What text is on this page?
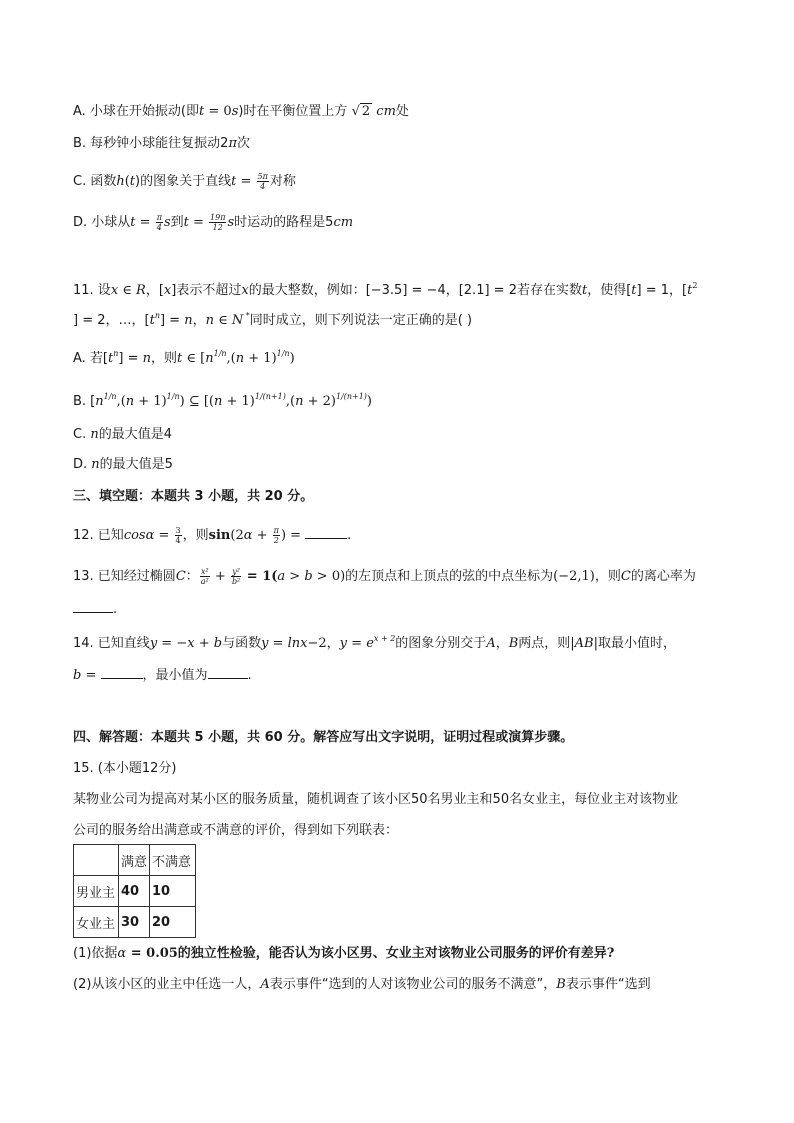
A. 小球在开始振动(即t = 0s)时在平衡位置上方 √ 2 cm处
B. 每秒钟小球能往复振动2π次
C. 函数h(t)的图象关于直线$t = \frac{5\pi}{4}$ 对称
D. 小球从$t = \frac{\pi}{4}$ s到$t = \frac{19\pi}{12}$ s时运动的路程是5cm
11. 设x ∈ R，[x]表示不超过x的最大整数，例如：[−3.5] = −4，[2.1] = 2若存在实数t，使得[t] = 1，[$t^2$
] = 2，…，$[t^n] = n$，n ∈ N *同时成立，则下列说法一定正确的是( )
A. 若$[t^n] = n$，则t ∈ $[n^{1/n},(n + 1)^{1/n})$
B. $[n^{1/n},(n + 1)^{1/n})$ ⊆ $[(n + 1)^{1/(n+1)},(n + 2)^{1/(n+1)})$
C. n的最大值是4
D. n的最大值是5
三、填空题：本题共 3 小题，共 20 分。
12. 已知$\cos\alpha = \frac{3}{4}$ ，则$\sin(2\alpha + \frac{\pi}{2}$ ) =	.
13. 已知经过椭圆C： $\frac{\text{x²}}{\text{a²}} + \frac{\text{y²}}{\text{b²}} = 1(a > b > 0)$的左顶点和上顶点的弦的中点坐标为(−2,1)，则C的离心率为
.
14. 已知直线y = −x + b与函数y = lnx−2，$y = e^{x + 2}$的图象分别交于A，B两点，则|AB|取最小值时，
b =	，最小值为	.
四、解答题：本题共 5 小题，共 60 分。解答应写出文字说明，证明过程或演算步骤。
15. (本小题12分)
某物业公司为提高对某小区的服务质量，随机调查了该小区50名男业主和50名女业主，每位业主对该物业
公司的服务给出满意或不满意的评价，得到如下列联表：
	满意	不满意
男业主	40	10
女业主	30	20
(1)依据α = 0.05的独立性检验，能否认为该小区男、女业主对该物业公司服务的评价有差异?
(2)从该小区的业主中任选一人，A表示事件“选到的人对该物业公司的服务不满意”，B表示事件“选到
